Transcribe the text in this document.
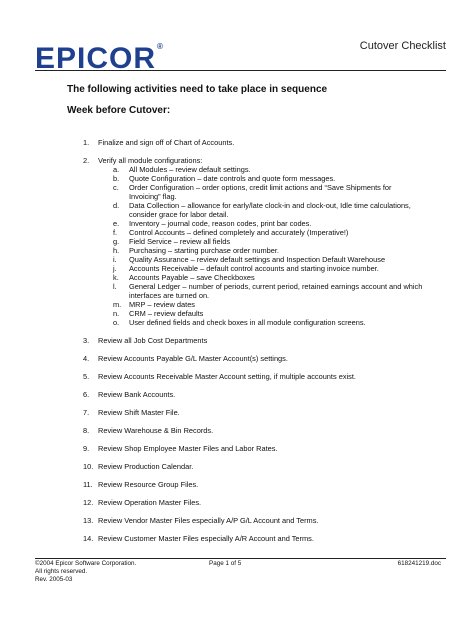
EPICOR®	Cutover Checklist
The following activities need to take place in sequence
Week before Cutover:
1. Finalize and sign off of Chart of Accounts.
2. Verify all module configurations:
a. All Modules – review default settings.
b. Quote Configuration – date controls and quote form messages.
c. Order Configuration – order options, credit limit actions and “Save Shipments for Invoicing” flag.
d. Data Collection – allowance for early/late clock-in and clock-out, Idle time calculations, consider grace for labor detail.
e. Inventory – journal code, reason codes, print bar codes.
f. Control Accounts – defined completely and accurately (Imperative!)
g. Field Service – review all fields
h. Purchasing – starting purchase order number.
i. Quality Assurance – review default settings and Inspection Default Warehouse
j. Accounts Receivable – default control accounts and starting invoice number.
k. Accounts Payable – save Checkboxes
l. General Ledger – number of periods, current period, retained earnings account and which interfaces are turned on.
m. MRP – review dates
n. CRM – review defaults
o. User defined fields and check boxes in all module configuration screens.
3. Review all Job Cost Departments
4. Review Accounts Payable G/L Master Account(s) settings.
5. Review Accounts Receivable Master Account setting, if multiple accounts exist.
6. Review Bank Accounts.
7. Review Shift Master File.
8. Review Warehouse & Bin Records.
9. Review Shop Employee Master Files and Labor Rates.
10. Review Production Calendar.
11. Review Resource Group Files.
12. Review Operation Master Files.
13. Review Vendor Master Files especially A/P G/L Account and Terms.
14. Review Customer Master Files especially A/R Account and Terms.
©2004 Epicor Software Corporation.
All rights reserved.
Rev. 2005-03
Page 1 of 5	618241219.doc
